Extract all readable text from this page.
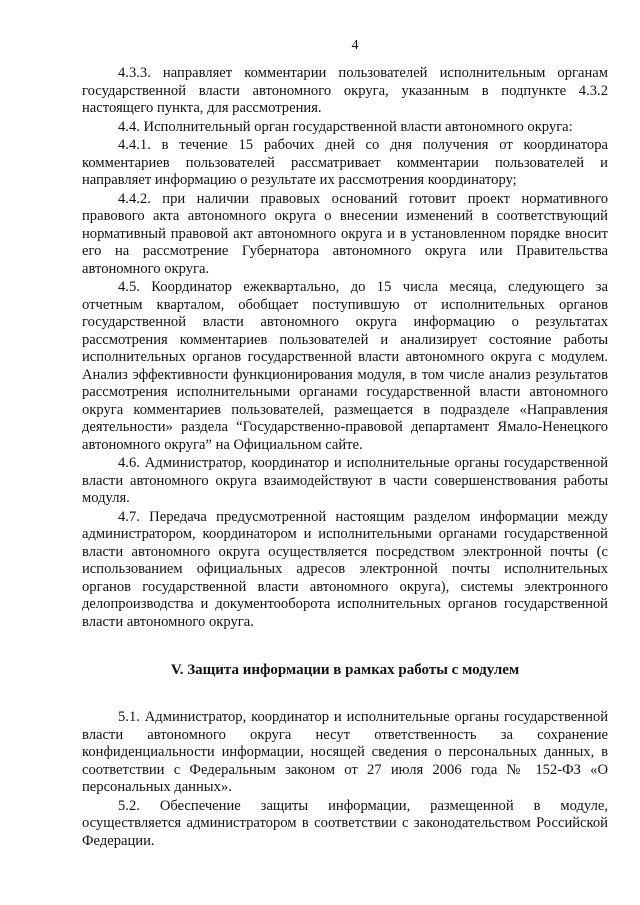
4

4.3.3. направляет комментарии пользователей исполнительным органам государственной власти автономного округа, указанным в подпункте 4.3.2 настоящего пункта, для рассмотрения.

4.4. Исполнительный орган государственной власти автономного округа:

4.4.1. в течение 15 рабочих дней со дня получения от координатора комментариев пользователей рассматривает комментарии пользователей и направляет информацию о результате их рассмотрения координатору;

4.4.2. при наличии правовых оснований готовит проект нормативного правового акта автономного округа о внесении изменений в соответствующий нормативный правовой акт автономного округа и в установленном порядке вносит его на рассмотрение Губернатора автономного округа или Правительства автономного округа.

4.5. Координатор ежеквартально, до 15 числа месяца, следующего за отчетным кварталом, обобщает поступившую от исполнительных органов государственной власти автономного округа информацию о результатах рассмотрения комментариев пользователей и анализирует состояние работы исполнительных органов государственной власти автономного округа с модулем. Анализ эффективности функционирования модуля, в том числе анализ результатов рассмотрения исполнительными органами государственной власти автономного округа комментариев пользователей, размещается в подразделе «Направления деятельности» раздела “Государственно-правовой департамент Ямало-Ненецкого автономного округа” на Официальном сайте.

4.6. Администратор, координатор и исполнительные органы государственной власти автономного округа взаимодействуют в части совершенствования работы модуля.

4.7. Передача предусмотренной настоящим разделом информации между администратором, координатором и исполнительными органами государственной власти автономного округа осуществляется посредством электронной почты (с использованием официальных адресов электронной почты исполнительных органов государственной власти автономного округа), системы электронного делопроизводства и документооборота исполнительных органов государственной власти автономного округа.

V. Защита информации в рамках работы с модулем

5.1. Администратор, координатор и исполнительные органы государственной власти автономного округа несут ответственность за сохранение конфиденциальности информации, носящей сведения о персональных данных, в соответствии с Федеральным законом от 27 июля 2006 года № 152-ФЗ «О персональных данных».

5.2. Обеспечение защиты информации, размещенной в модуле, осуществляется администратором в соответствии с законодательством Российской Федерации.
